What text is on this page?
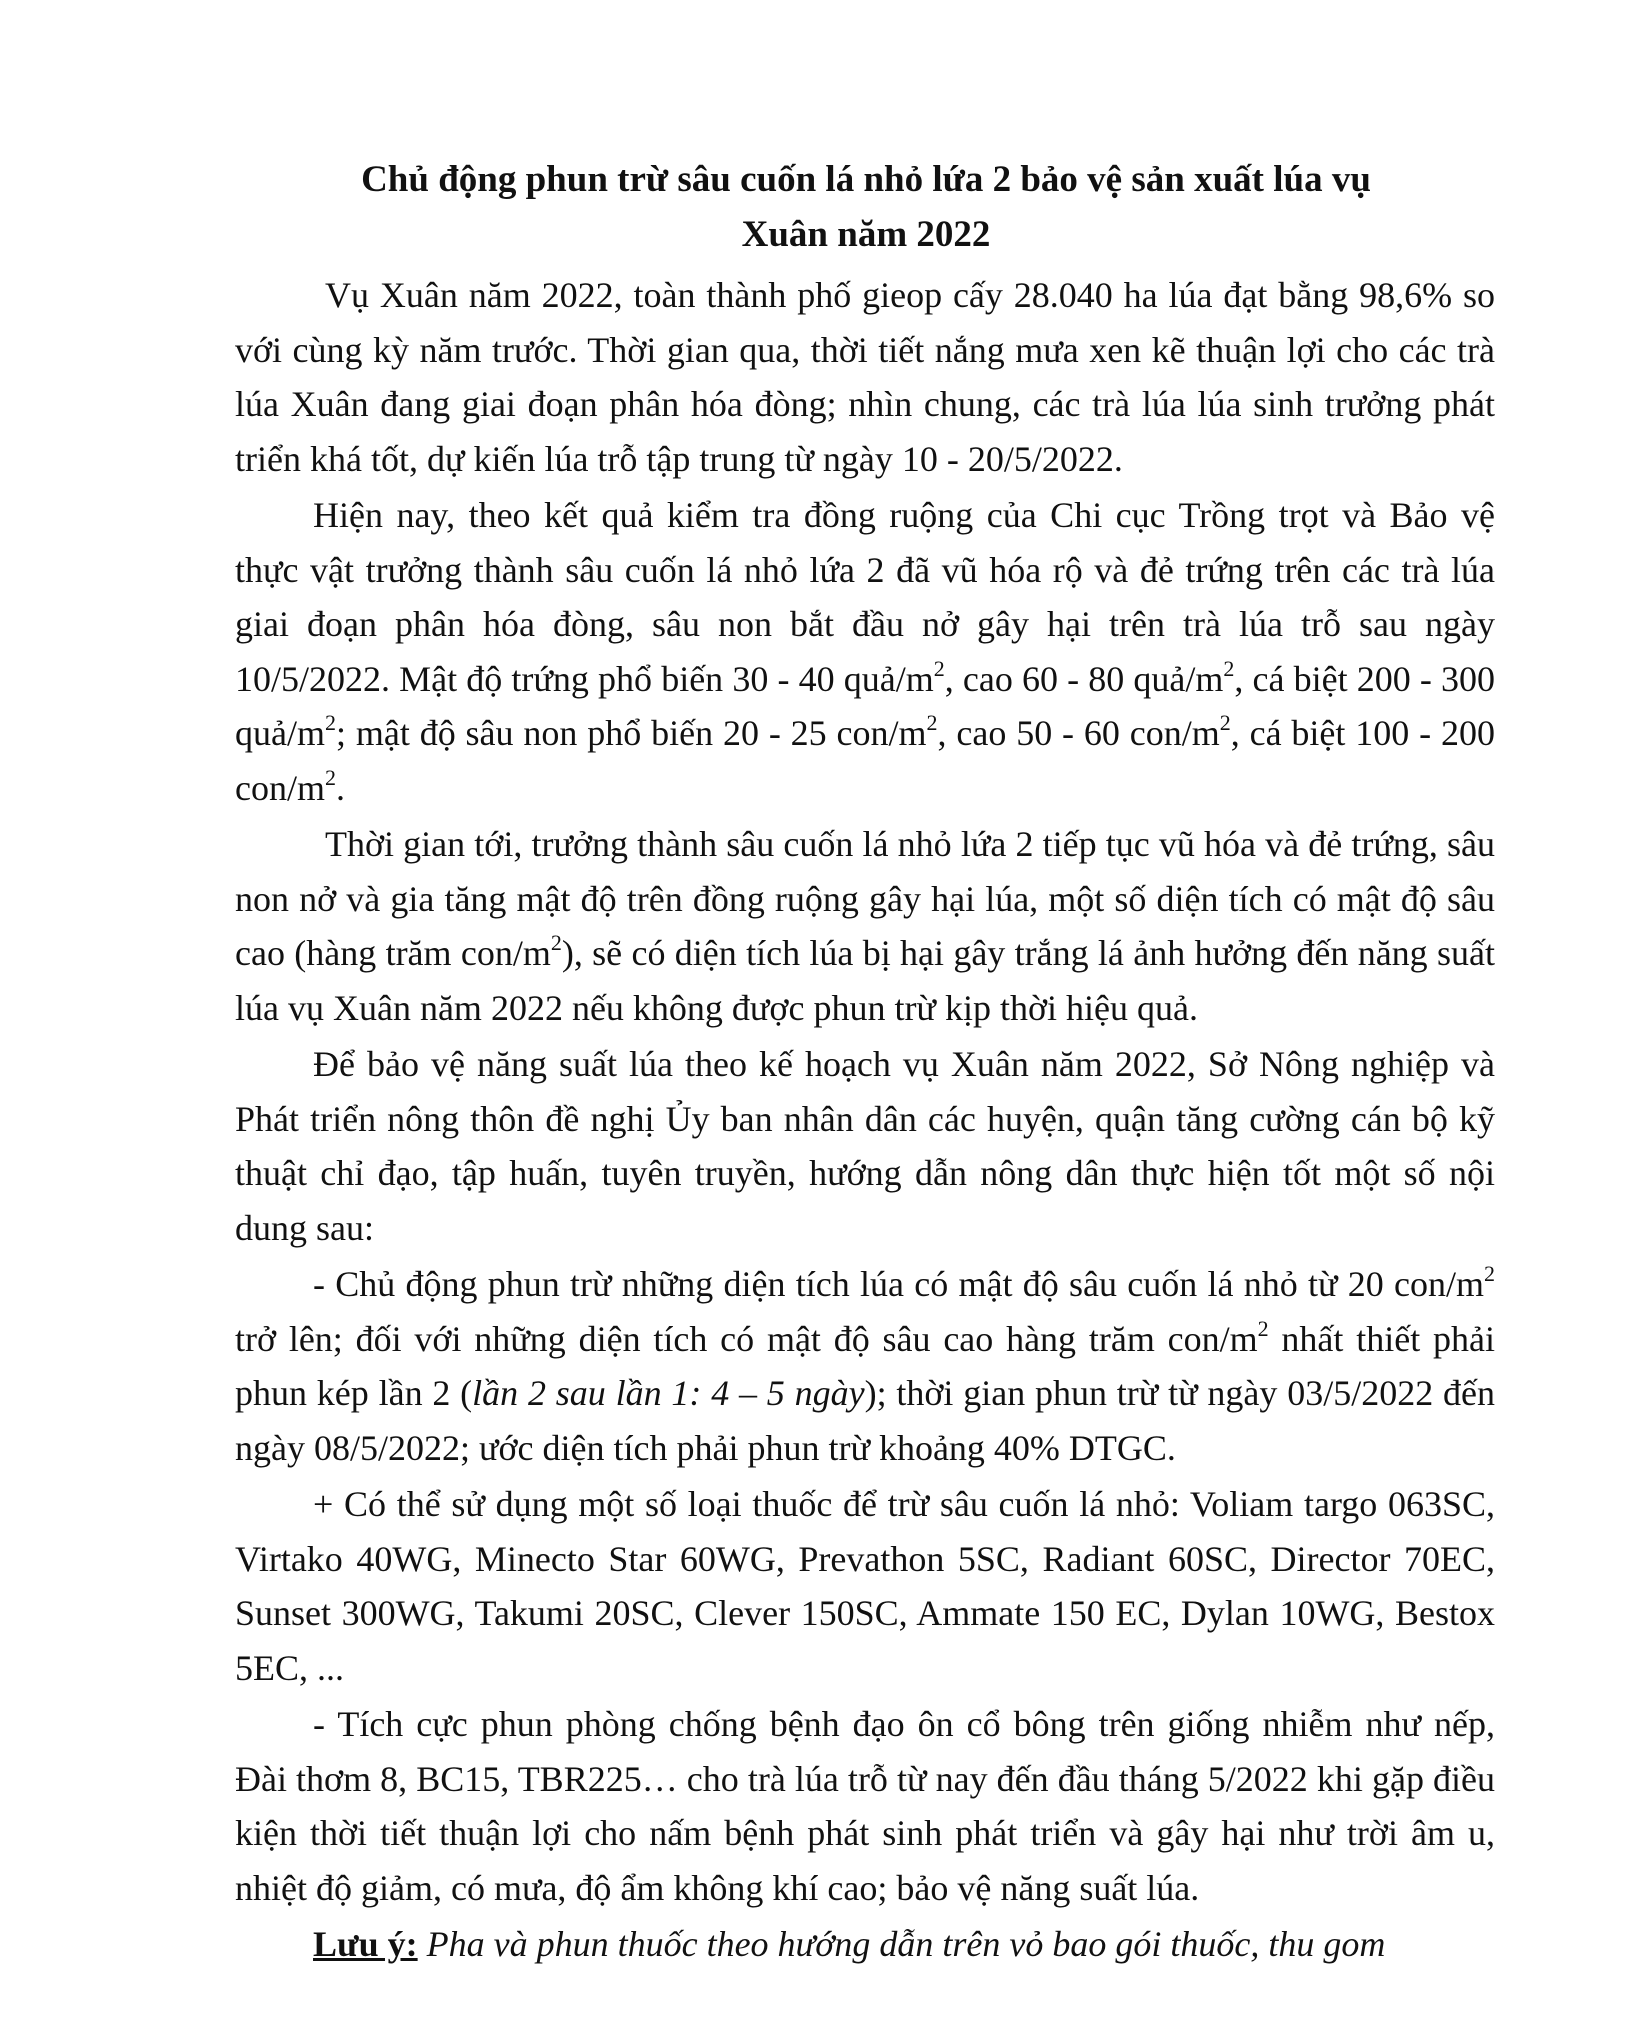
Chủ động phun trừ sâu cuốn lá nhỏ lứa 2 bảo vệ sản xuất lúa vụ
Xuân năm 2022

Vụ Xuân năm 2022, toàn thành phố gieop cấy 28.040 ha lúa đạt bằng 98,6% so với cùng kỳ năm trước. Thời gian qua, thời tiết nắng mưa xen kẽ thuận lợi cho các trà lúa Xuân đang giai đoạn phân hóa đòng; nhìn chung, các trà lúa lúa sinh trưởng phát triển khá tốt, dự kiến lúa trỗ tập trung từ ngày 10 - 20/5/2022.

Hiện nay, theo kết quả kiểm tra đồng ruộng của Chi cục Trồng trọt và Bảo vệ thực vật trưởng thành sâu cuốn lá nhỏ lứa 2 đã vũ hóa rộ và đẻ trứng trên các trà lúa giai đoạn phân hóa đòng, sâu non bắt đầu nở gây hại trên trà lúa trỗ sau ngày 10/5/2022. Mật độ trứng phổ biến 30 - 40 quả/$m^2$, cao 60 - 80 quả/$m^2$, cá biệt 200 - 300 quả/$m^2$; mật độ sâu non phổ biến 20 - 25 con/$m^2$, cao 50 - 60 con/$m^2$, cá biệt 100 - 200 con/$m^2$.

Thời gian tới, trưởng thành sâu cuốn lá nhỏ lứa 2 tiếp tục vũ hóa và đẻ trứng, sâu non nở và gia tăng mật độ trên đồng ruộng gây hại lúa, một số diện tích có mật độ sâu cao (hàng trăm con/$m^2$), sẽ có diện tích lúa bị hại gây trắng lá ảnh hưởng đến năng suất lúa vụ Xuân năm 2022 nếu không được phun trừ kịp thời hiệu quả.

Để bảo vệ năng suất lúa theo kế hoạch vụ Xuân năm 2022, Sở Nông nghiệp và Phát triển nông thôn đề nghị Ủy ban nhân dân các huyện, quận tăng cường cán bộ kỹ thuật chỉ đạo, tập huấn, tuyên truyền, hướng dẫn nông dân thực hiện tốt một số nội dung sau:

- Chủ động phun trừ những diện tích lúa có mật độ sâu cuốn lá nhỏ từ 20 con/$m^2$ trở lên; đối với những diện tích có mật độ sâu cao hàng trăm con/$m^2$ nhất thiết phải phun kép lần 2 (lần 2 sau lần 1: 4 – 5 ngày); thời gian phun trừ từ ngày 03/5/2022 đến ngày 08/5/2022; ước diện tích phải phun trừ khoảng 40% DTGC.

+ Có thể sử dụng một số loại thuốc để trừ sâu cuốn lá nhỏ: Voliam targo 063SC, Virtako 40WG, Minecto Star 60WG, Prevathon 5SC, Radiant 60SC, Director 70EC, Sunset 300WG, Takumi 20SC, Clever 150SC, Ammate 150 EC, Dylan 10WG, Bestox 5EC, ...

- Tích cực phun phòng chống bệnh đạo ôn cổ bông trên giống nhiễm như nếp, Đài thơm 8, BC15, TBR225… cho trà lúa trỗ từ nay đến đầu tháng 5/2022 khi gặp điều kiện thời tiết thuận lợi cho nấm bệnh phát sinh phát triển và gây hại như trời âm u, nhiệt độ giảm, có mưa, độ ẩm không khí cao; bảo vệ năng suất lúa.

Lưu ý: Pha và phun thuốc theo hướng dẫn trên vỏ bao gói thuốc, thu gom
